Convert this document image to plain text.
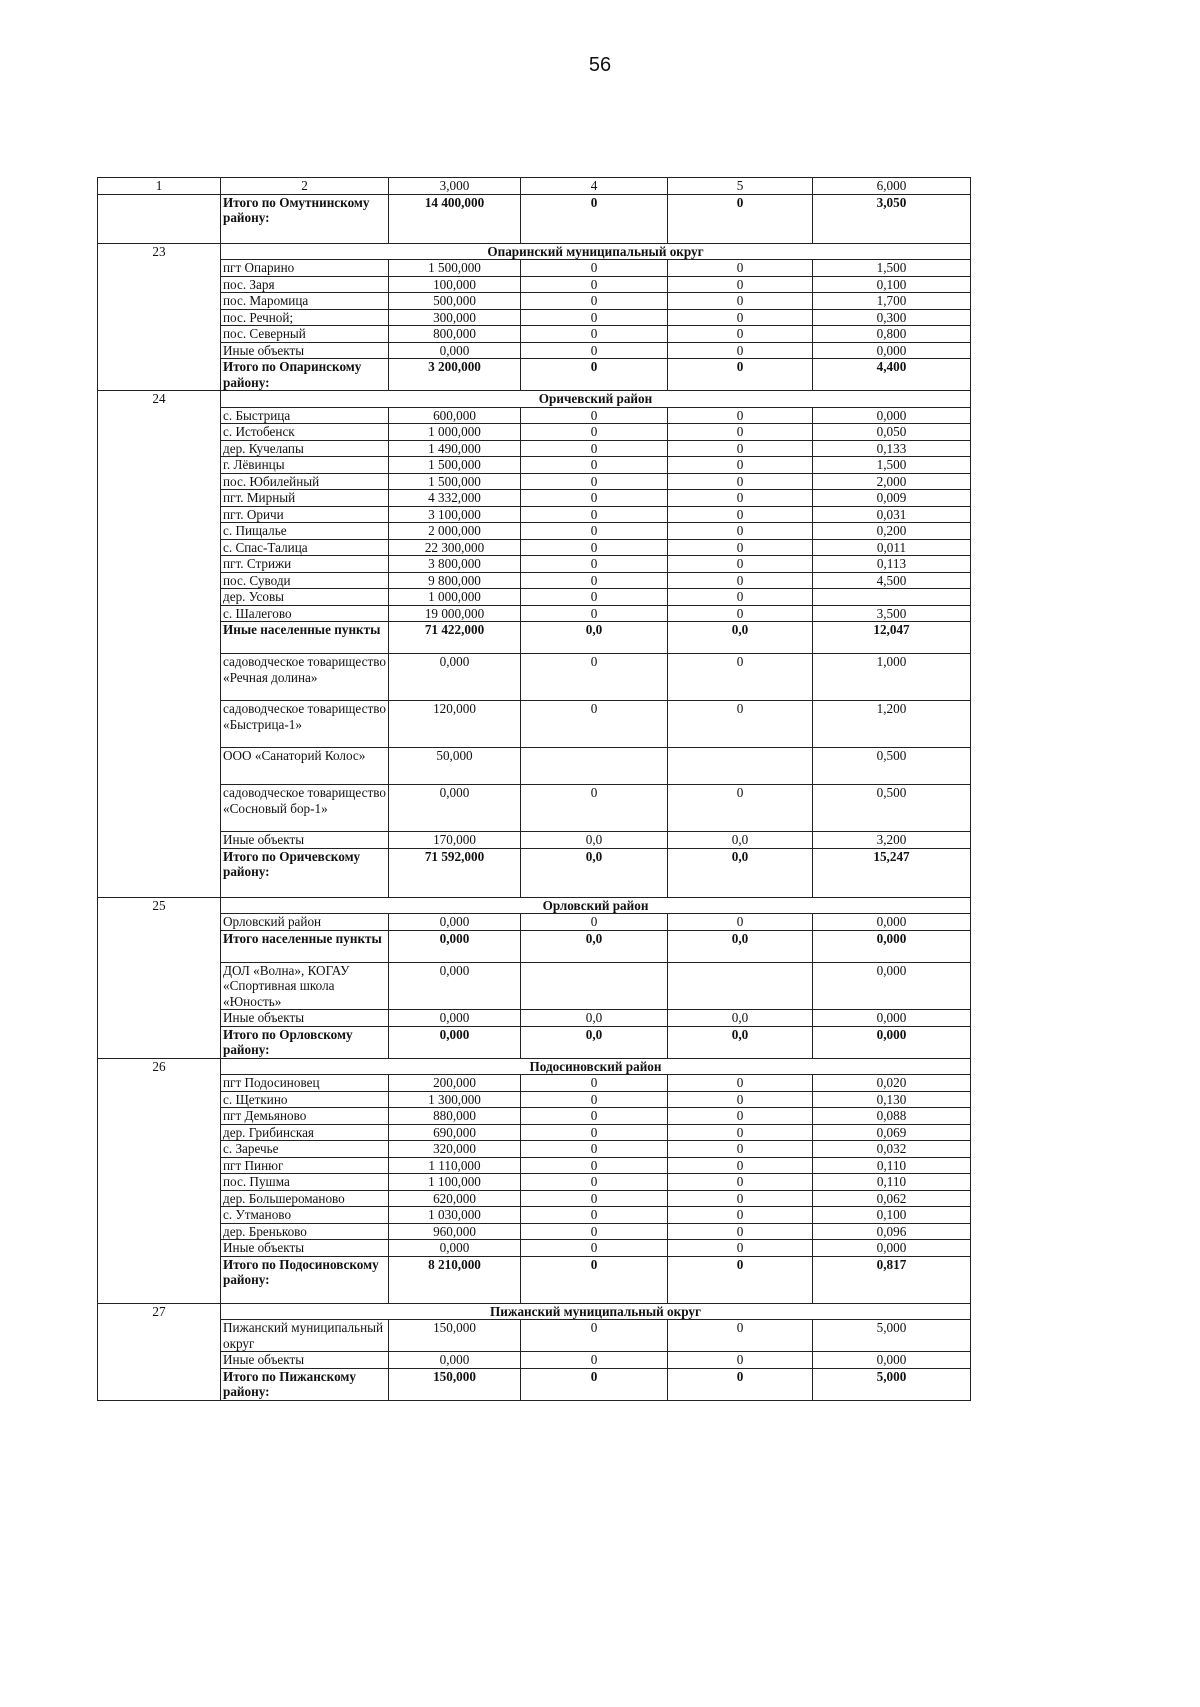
56
1	2	3,000	4	5	6,000
	Итого по Омутнинскому району:	14 400,000	0	0	3,050
23	Опаринский муниципальный округ				
	пгт Опарино	1 500,000	0	0	1,500
	пос. Заря	100,000	0	0	0,100
	пос. Маромица	500,000	0	0	1,700
	пос. Речной;	300,000	0	0	0,300
	пос. Северный	800,000	0	0	0,800
	Иные объекты	0,000	0	0	0,000
	Итого по Опаринскому району:	3 200,000	0	0	4,400
24	Оричевский район				
	с. Быстрица	600,000	0	0	0,000
	с. Истобенск	1 000,000	0	0	0,050
	дер. Кучелапы	1 490,000	0	0	0,133
	г. Лёвинцы	1 500,000	0	0	1,500
	пос. Юбилейный	1 500,000	0	0	2,000
	пгт. Мирный	4 332,000	0	0	0,009
	пгт. Оричи	3 100,000	0	0	0,031
	с. Пищалье	2 000,000	0	0	0,200
	с. Спас-Талица	22 300,000	0	0	0,011
	пгт. Стрижи	3 800,000	0	0	0,113
	пос. Суводи	9 800,000	0	0	4,500
	дер. Усовы	1 000,000	0	0	
	с. Шалегово	19 000,000	0	0	3,500
	Иные населенные пункты	71 422,000	0,0	0,0	12,047
	садоводческое товарищество «Речная долина»	0,000	0	0	1,000
	садоводческое товарищество «Быстрица-1»	120,000	0	0	1,200
	ООО «Санаторий Колос»	50,000			0,500
	садоводческое товарищество «Сосновый бор-1»	0,000	0	0	0,500
	Иные объекты	170,000	0,0	0,0	3,200
	Итого по Оричевскому району:	71 592,000	0,0	0,0	15,247
25	Орловский район				
	Орловский район	0,000	0	0	0,000
	Итого населенные пункты	0,000	0,0	0,0	0,000
	ДОЛ «Волна», КОГАУ «Спортивная школа «Юность»	0,000			0,000
	Иные объекты	0,000	0,0	0,0	0,000
	Итого по Орловскому району:	0,000	0,0	0,0	0,000
26	Подосиновский район				
	пгт Подосиновец	200,000	0	0	0,020
	с. Щеткино	1 300,000	0	0	0,130
	пгт Демьяново	880,000	0	0	0,088
	дер. Грибинская	690,000	0	0	0,069
	с. Заречье	320,000	0	0	0,032
	пгт Пинюг	1 110,000	0	0	0,110
	пос. Пушма	1 100,000	0	0	0,110
	дер. Большероманово	620,000	0	0	0,062
	с. Утманово	1 030,000	0	0	0,100
	дер. Бреньково	960,000	0	0	0,096
	Иные объекты	0,000	0	0	0,000
	Итого по Подосиновскому району:	8 210,000	0	0	0,817
27	Пижанский муниципальный округ				
	Пижанский муниципальный округ	150,000	0	0	5,000
	Иные объекты	0,000	0	0	0,000
	Итого по Пижанскому району:	150,000	0	0	5,000
